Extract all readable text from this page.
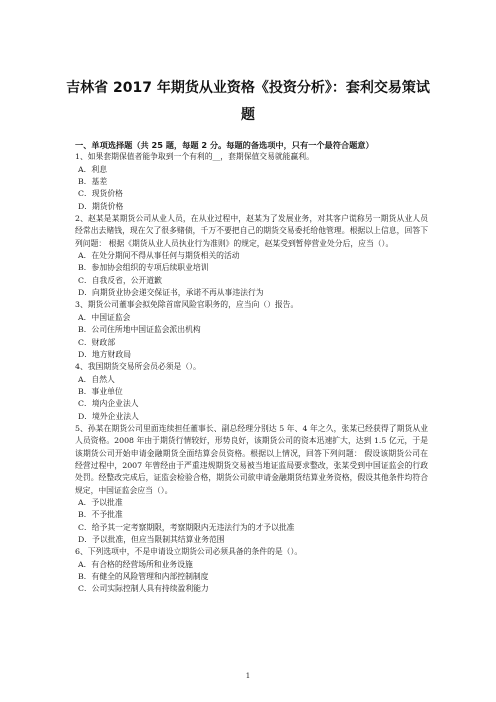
吉林省 2017 年期货从业资格《投资分析》：套利交易策试
题

一、单项选择题（共 25 题，每题 2 分。每题的备选项中，只有一个最符合题意）

1、如果套期保值者能争取到一个有利的__，套期保值交易就能赢利。

A．利息

B．基差

C．现货价格

D．期货价格

2、赵某是某期货公司从业人员，在从业过程中，赵某为了发展业务，对其客户谎称另一期货从业人员经常出去赌钱，现在欠了很多赌债，千万不要把自己的期货交易委托给他管理。根据以上信息，回答下列问题： 根据《期货从业人员执业行为准则》的规定，赵某受到暂停营业处分后，应当（）。

A．在处分期间不得从事任何与期货相关的活动

B．参加协会组织的专项后续职业培训

C．自我反省，公开道歉

D．向期货业协会递交保证书，承诺不再从事违法行为

3、期货公司董事会拟免除首席风险官职务的，应当向（）报告。

A．中国证监会

B．公司住所地中国证监会派出机构

C．财政部

D．地方财政局

4、我国期货交易所会员必须是（）。

A．自然人

B．事业单位

C．境内企业法人

D．境外企业法人

5、孙某在期货公司里面连续担任董事长、副总经理分别达 5 年、4 年之久，张某已经获得了期货从业人员资格。2008 年由于期货行情较好，形势良好，该期货公司的资本迅速扩大，达到 1.5 亿元，于是该期货公司开始申请金融期货全面结算会员资格。根据以上情况，回答下列问题： 假设该期货公司在经营过程中，2007 年曾经由于严重违规期货交易被当地证监局要求整改，张某受到中国证监会的行政处罚。经整改完成后，证监会检验合格，期货公司欲申请金融期货结算业务资格，假设其他条件均符合规定，中国证监会应当（）。

A．予以批准

B．不予批准

C．给予其一定考察期限，考察期限内无违法行为的才予以批准

D．予以批准，但应当限制其结算业务范围

6、下列选项中，不是申请设立期货公司必须具备的条件的是（）。

A．有合格的经营场所和业务设施

B．有健全的风险管理和内部控制制度

C．公司实际控制人具有持续盈利能力

1
